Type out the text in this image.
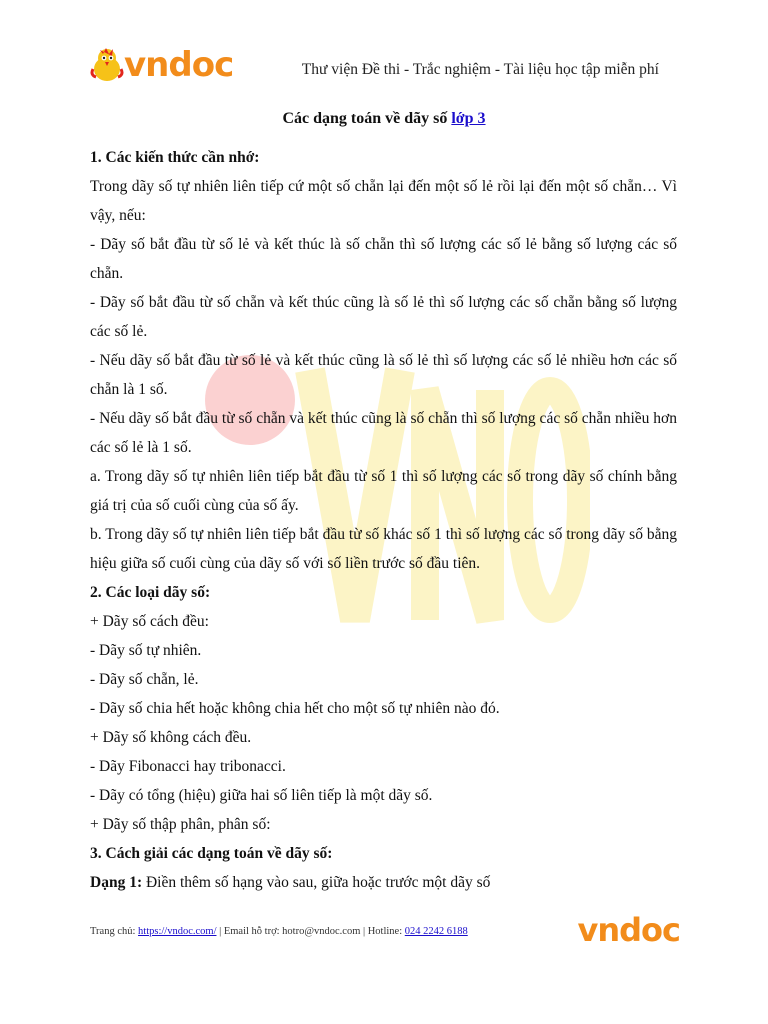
vndoc	Thư viện Đề thi - Trắc nghiệm - Tài liệu học tập miễn phí
Các dạng toán về dãy số lớp 3

1. Các kiến thức cần nhớ:

Trong dãy số tự nhiên liên tiếp cứ một số chẵn lại đến một số lẻ rồi lại đến một số chẵn… Vì vậy, nếu:

- Dãy số bắt đầu từ số lẻ và kết thúc là số chẵn thì số lượng các số lẻ bằng số lượng các số chẵn.

- Dãy số bắt đầu từ số chẵn và kết thúc cũng là số lẻ thì số lượng các số chẵn bằng số lượng các số lẻ.

- Nếu dãy số bắt đầu từ số lẻ và kết thúc cũng là số lẻ thì số lượng các số lẻ nhiều hơn các số chẵn là 1 số.

- Nếu dãy số bắt đầu từ số chẵn và kết thúc cũng là số chẵn thì số lượng các số chẵn nhiều hơn các số lẻ là 1 số.

a. Trong dãy số tự nhiên liên tiếp bắt đầu từ số 1 thì số lượng các số trong dãy số chính bằng giá trị của số cuối cùng của số ấy.

b. Trong dãy số tự nhiên liên tiếp bắt đầu từ số khác số 1 thì số lượng các số trong dãy số bằng hiệu giữa số cuối cùng của dãy số với số liền trước số đầu tiên.

2. Các loại dãy số:

+ Dãy số cách đều:

- Dãy số tự nhiên.

- Dãy số chẵn, lẻ.

- Dãy số chia hết hoặc không chia hết cho một số tự nhiên nào đó.

+ Dãy số không cách đều.

- Dãy Fibonacci hay tribonacci.

- Dãy có tổng (hiệu) giữa hai số liên tiếp là một dãy số.

+ Dãy số thập phân, phân số:

3. Cách giải các dạng toán về dãy số:

Dạng 1: Điền thêm số hạng vào sau, giữa hoặc trước một dãy số

Trang chủ: https://vndoc.com/ | Email hỗ trợ: hotro@vndoc.com | Hotline: 024 2242 6188	vndoc
